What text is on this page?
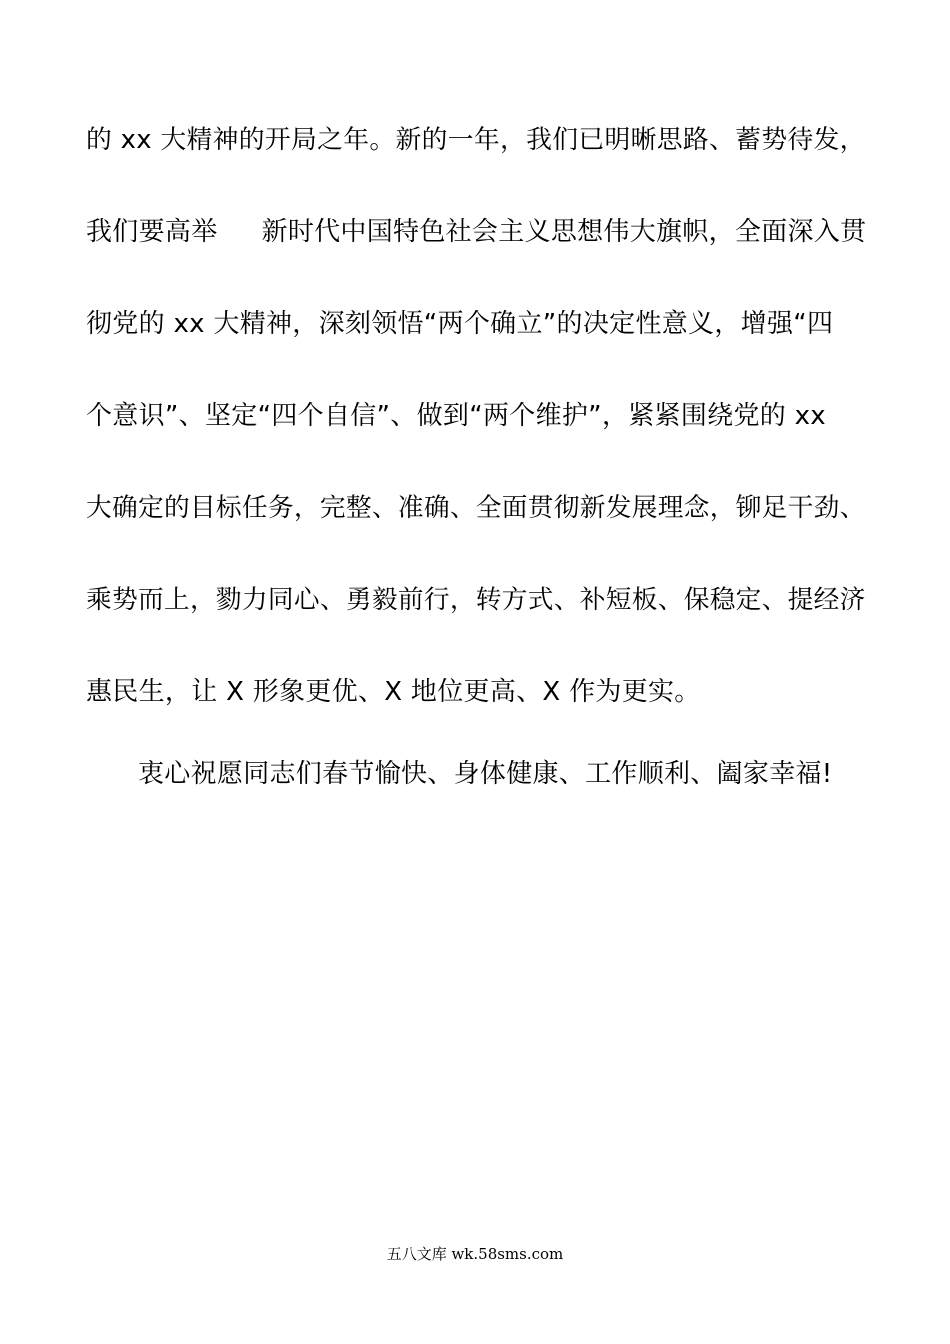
的 xx 大精神的开局之年。新的一年，我们已明晰思路、蓄势待发，
我们要高举 新时代中国特色社会主义思想伟大旗帜，全面深入贯
彻党的 xx 大精神，深刻领悟“两个确立”的决定性意义，增强“四
个意识”、坚定“四个自信”、做到“两个维护”，紧紧围绕党的 xx
大确定的目标任务，完整、准确、全面贯彻新发展理念，铆足干劲、
乘势而上，勠力同心、勇毅前行，转方式、补短板、保稳定、提经济
惠民生，让 X 形象更优、X 地位更高、X 作为更实。
衷心祝愿同志们春节愉快、身体健康、工作顺利、阖家幸福!
五八文库 wk.58sms.com
